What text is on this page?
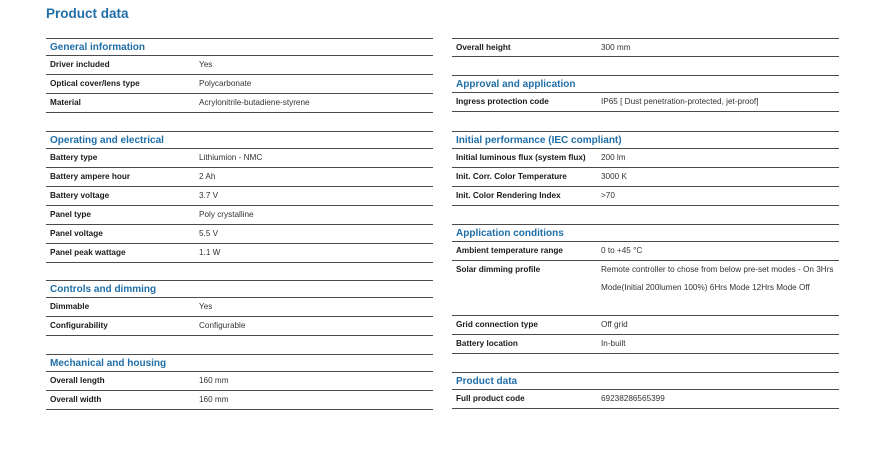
Product data
General information
Driver included	Yes
Optical cover/lens type	Polycarbonate
Material	Acrylonitrile-butadiene-styrene
Operating and electrical
Battery type	Lithiumion - NMC
Battery ampere hour	2 Ah
Battery voltage	3.7 V
Panel type	Poly crystalline
Panel voltage	5.5 V
Panel peak wattage	1.1 W
Controls and dimming
Dimmable	Yes
Configurability	Configurable
Mechanical and housing
Overall length	160 mm
Overall width	160 mm
Overall height	300 mm
Approval and application
Ingress protection code	IP65 [ Dust penetration-protected, jet-proof]
Initial performance (IEC compliant)
Initial luminous flux (system flux)	200 lm
Init. Corr. Color Temperature	3000 K
Init. Color Rendering Index	>70
Application conditions
Ambient temperature range	0 to +45 °C
Solar dimming profile	Remote controller to chose from below pre-set modes - On 3Hrs Mode(Initial 200lumen 100%) 6Hrs Mode 12Hrs Mode Off
Grid connection type	Off grid
Battery location	In-built
Product data
Full product code	69238286565399
